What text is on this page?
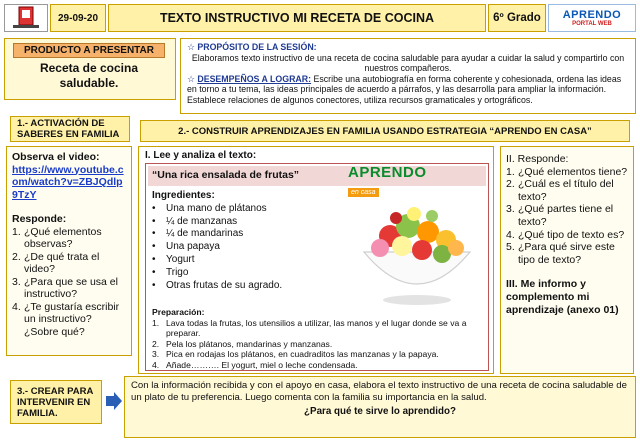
29-09-20	TEXTO INSTRUCTIVO MI RECETA DE COCINA	6º Grado	APRENDO
PORTAL WEB
PRODUCTO A PRESENTAR
Receta de cocina saludable.
☆ PROPÓSITO DE LA SESIÓN:
Elaboramos texto instructivo de una receta de cocina saludable para ayudar a cuidar la salud y compartirlo con nuestros compañeros.
☆ DESEMPEÑOS A LOGRAR: Escribe una autobiografía en forma coherente y cohesionada, ordena las ideas en torno a tu tema, las ideas principales de acuerdo a párrafos, y las desarrolla para ampliar la información. Establece relaciones de algunos conectores, utiliza recursos gramaticales y ortográficos.
1.- ACTIVACIÓN DE SABERES EN FAMILIA	2.- CONSTRUIR APRENDIZAJES EN FAMILIA USANDO ESTRATEGIA “APRENDO EN CASA”
Observa el video:
https://www.youtube.com/watch?v=ZBJQdlp9TzY
Responde:
1. ¿Qué elementos observas?
2. ¿De qué trata el video?
3. ¿Para que se usa el instructivo?
4. ¿Te gustaría escribir un instructivo? ¿Sobre qué?
I. Lee y analiza el texto:
“Una rica ensalada de frutas”	APRENDO
en casa
Ingredientes:
• Una mano de plátanos
• ¼ de manzanas
• ¼ de mandarinas
• Una papaya
• Yogurt
• Trigo
• Otras frutas de su agrado.
Preparación:
1. Lava todas la frutas, los utensilios a utilizar, las manos y el lugar donde se va a preparar.
2. Pela los plátanos, mandarinas y manzanas.
3. Pica en rodajas los plátanos, en cuadraditos las manzanas y la papaya.
4. Añade………. El yogurt, miel o leche condensada.
II. Responde:
1. ¿Qué elementos tiene?
2. ¿Cuál es el título del texto?
3. ¿Qué partes tiene el texto?
4. ¿Qué tipo de texto es?
5. ¿Para qué sirve este tipo de texto?
III. Me informo y complemento mi aprendizaje (anexo 01)
3.- CREAR PARA INTERVENIR EN FAMILIA.
Con la información recibida y con el apoyo en casa, elabora el texto instructivo de una receta de cocina saludable de un plato de tu preferencia. Luego comenta con la familia su importancia en la salud.
¿Para qué te sirve lo aprendido?
